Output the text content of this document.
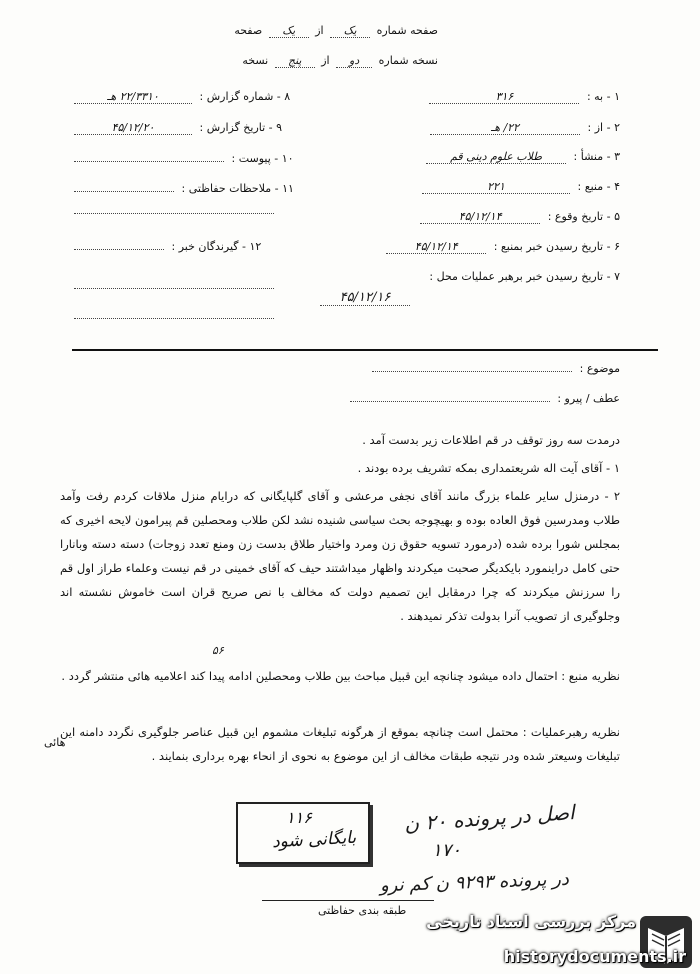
صفحه شماره یک از یک صفحه
نسخه شماره دو از پنج نسخه
۱ - به : ۳۱۶
۲ - از : ۲۲/ هـ
۳ - منشأ : طلاب علوم دینی قم
۴ - منبع : ۲۲۱
۵ - تاریخ وقوع : ۴۵/۱۲/۱۴
۶ - تاریخ رسیدن خبر بمنبع : ۴۵/۱۲/۱۴
۷ - تاریخ رسیدن خبر برهبر عملیات محل :
۴۵/۱۲/۱۶
۸ - شماره گزارش : ۲۲/۳۳۱۰ هـ
۹ - تاریخ گزارش : ۴۵/۱۲/۲۰
۱۰ - پیوست :
۱۱ - ملاحظات حفاظتی :
۱۲ - گیرندگان خبر :
موضوع :
عطف / پیرو :
درمدت سه روز توقف در قم اطلاعات زیر بدست آمد .
۱ - آقای آیت اله شریعتمداری بمکه تشریف برده بودند .
۲ - درمنزل سایر علماء بزرگ مانند آقای نجفی مرعشی و آقای گلپایگانی که درایام منزل ملاقات کردم رفت وآمد طلاب ومدرسین فوق العاده بوده و بهیچوجه بحث سیاسی شنیده نشد لکن طلاب ومحصلین قم پیرامون لایحه اخیری که بمجلس شورا برده شده (درمورد تسویه حقوق زن ومرد واختیار طلاق بدست زن ومنع تعدد زوجات) دسته دسته وبانارا حتی کامل دراینمورد بایکدیگر صحبت میکردند واظهار میداشتند حیف که آقای خمینی در قم نیست وعلماء طراز اول قم را سرزنش میکردند که چرا درمقابل این تصمیم دولت که مخالف با نص صریح قران است خاموش نشسته اند وجلوگیری از تصویب آنرا بدولت تذکر نمیدهند .
۵۶
نظریه منبع : احتمال داده میشود چنانچه این قبیل مباحث بین طلاب ومحصلین ادامه پیدا کند اعلامیه هائی منتشر گردد .
نظریه رهبرعملیات : محتمل است چنانچه بموقع از هرگونه تبلیغات مشموم این قبیل عناصر جلوگیری نگردد دامنه این تبلیغات وسیعتر شده ودر نتیجه طبقات مخالف از این موضوع به نحوی از انحاء بهره برداری بنمایند .
هائی
اصل در پرونده ۲۰ ن
۱۷۰
در پرونده ۹۲۹۳ ن کم نرو
۱۱۶
بایگانی شود
طبقه بندی حفاظتی
مرکز بررسی اسناد تاریخی
historydocuments.ir
